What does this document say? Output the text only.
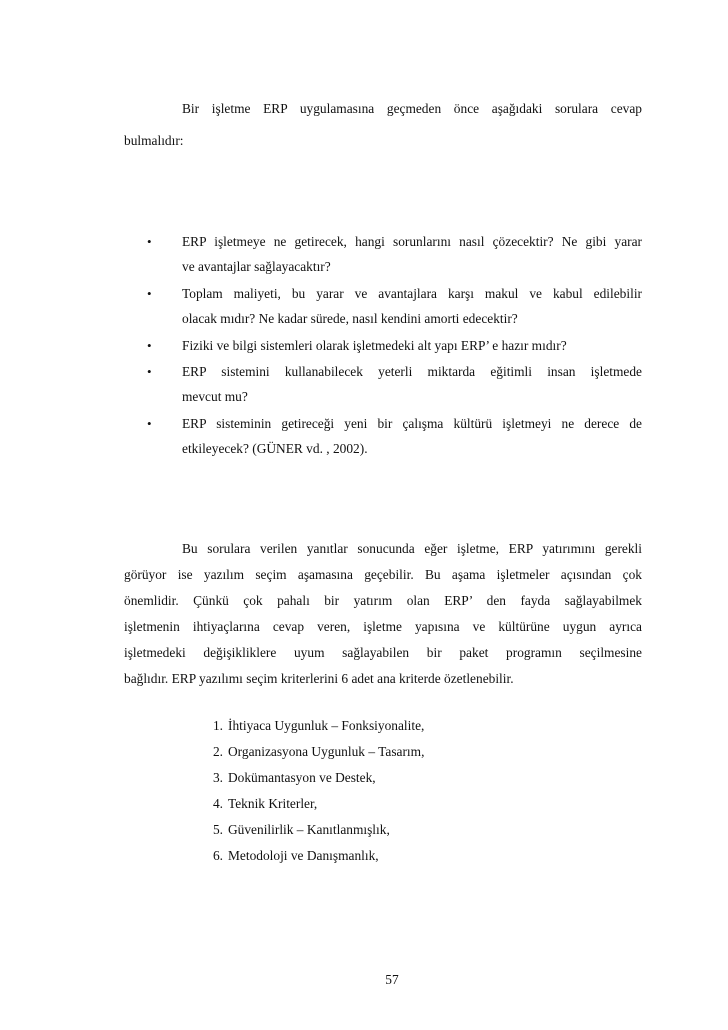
Bir işletme ERP uygulamasına geçmeden önce aşağıdaki sorulara cevap
bulmalıdır:
• ERP işletmeye ne getirecek, hangi sorunlarını nasıl çözecektir? Ne gibi yarar
ve avantajlar sağlayacaktır?
• Toplam maliyeti, bu yarar ve avantajlara karşı makul ve kabul edilebilir
olacak mıdır? Ne kadar sürede, nasıl kendini amorti edecektir?
• Fiziki ve bilgi sistemleri olarak işletmedeki alt yapı ERP’ e hazır mıdır?
• ERP sistemini kullanabilecek yeterli miktarda eğitimli insan işletmede
mevcut mu?
• ERP sisteminin getireceği yeni bir çalışma kültürü işletmeyi ne derece de
etkileyecek? (GÜNER vd. , 2002).
Bu sorulara verilen yanıtlar sonucunda eğer işletme, ERP yatırımını gerekli
görüyor ise yazılım seçim aşamasına geçebilir. Bu aşama işletmeler açısından çok
önemlidir. Çünkü çok pahalı bir yatırım olan ERP’ den fayda sağlayabilmek
işletmenin ihtiyaçlarına cevap veren, işletme yapısına ve kültürüne uygun ayrıca
işletmedeki değişikliklere uyum sağlayabilen bir paket programın seçilmesine
bağlıdır. ERP yazılımı seçim kriterlerini 6 adet ana kriterde özetlenebilir.
1. İhtiyaca Uygunluk – Fonksiyonalite,
2. Organizasyona Uygunluk – Tasarım,
3. Dokümantasyon ve Destek,
4. Teknik Kriterler,
5. Güvenilirlik – Kanıtlanmışlık,
6. Metodoloji ve Danışmanlık,
57
